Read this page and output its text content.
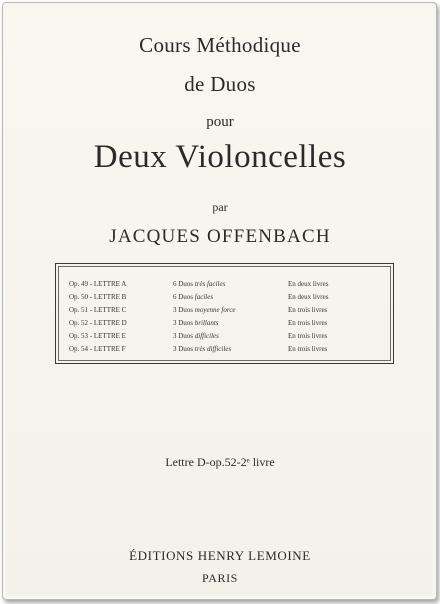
Cours Méthodique
de Duos
pour
Deux Violoncelles
par
JACQUES OFFENBACH
Op. 49 - LETTRE A	6 Duos très faciles	En deux livres
Op. 50 - LETTRE B	6 Duos faciles	En deux livres
Op. 51 - LETTRE C	3 Duos moyenne force	En trois livres
Op. 52 - LETTRE D	3 Duos brillants	En trois livres
Op. 53 - LETTRE E	3 Duos difficiles	En trois livres
Op. 54 - LETTRE F	3 Duos très difficiles	En trois livres
Lettre D-op.52-2ᵉ livre
ÉDITIONS HENRY LEMOINE
PARIS
